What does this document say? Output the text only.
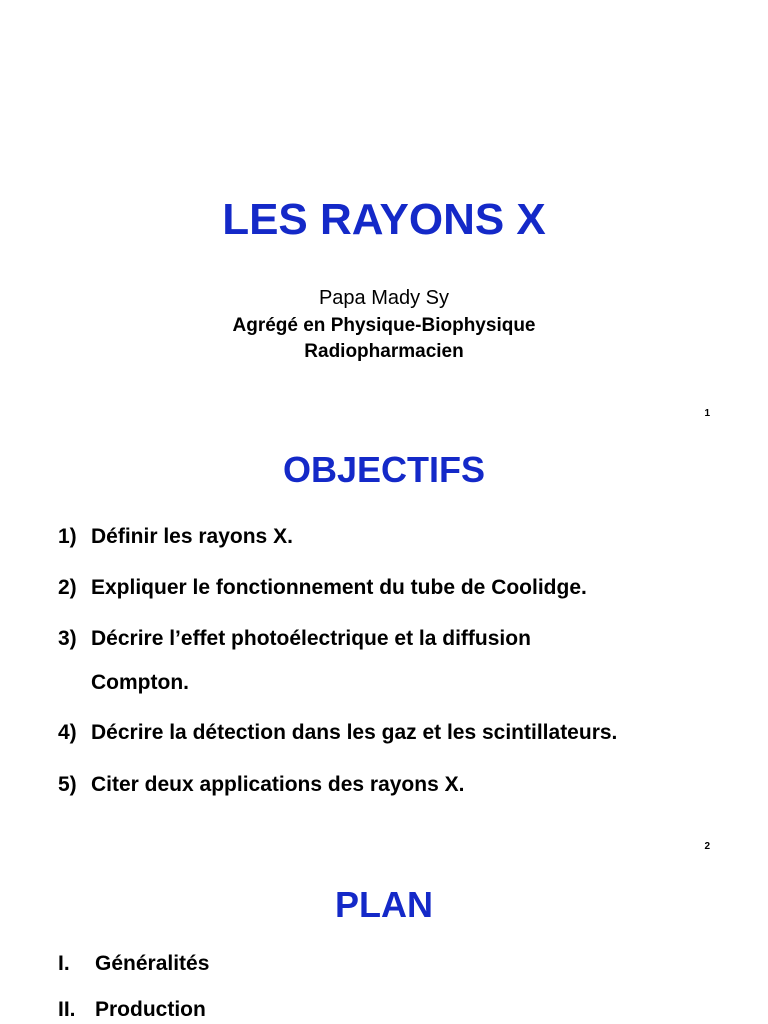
LES RAYONS X

Papa Mady Sy

Agrégé en Physique-Biophysique

Radiopharmacien

1
OBJECTIFS
1) Définir les rayons X.
2) Expliquer le fonctionnement du tube de Coolidge.
3) Décrire l’effet photoélectrique et la diffusion
Compton.
4) Décrire la détection dans les gaz et les scintillateurs.
5) Citer deux applications des rayons X.
2
PLAN
I.	Généralités
II. Production
